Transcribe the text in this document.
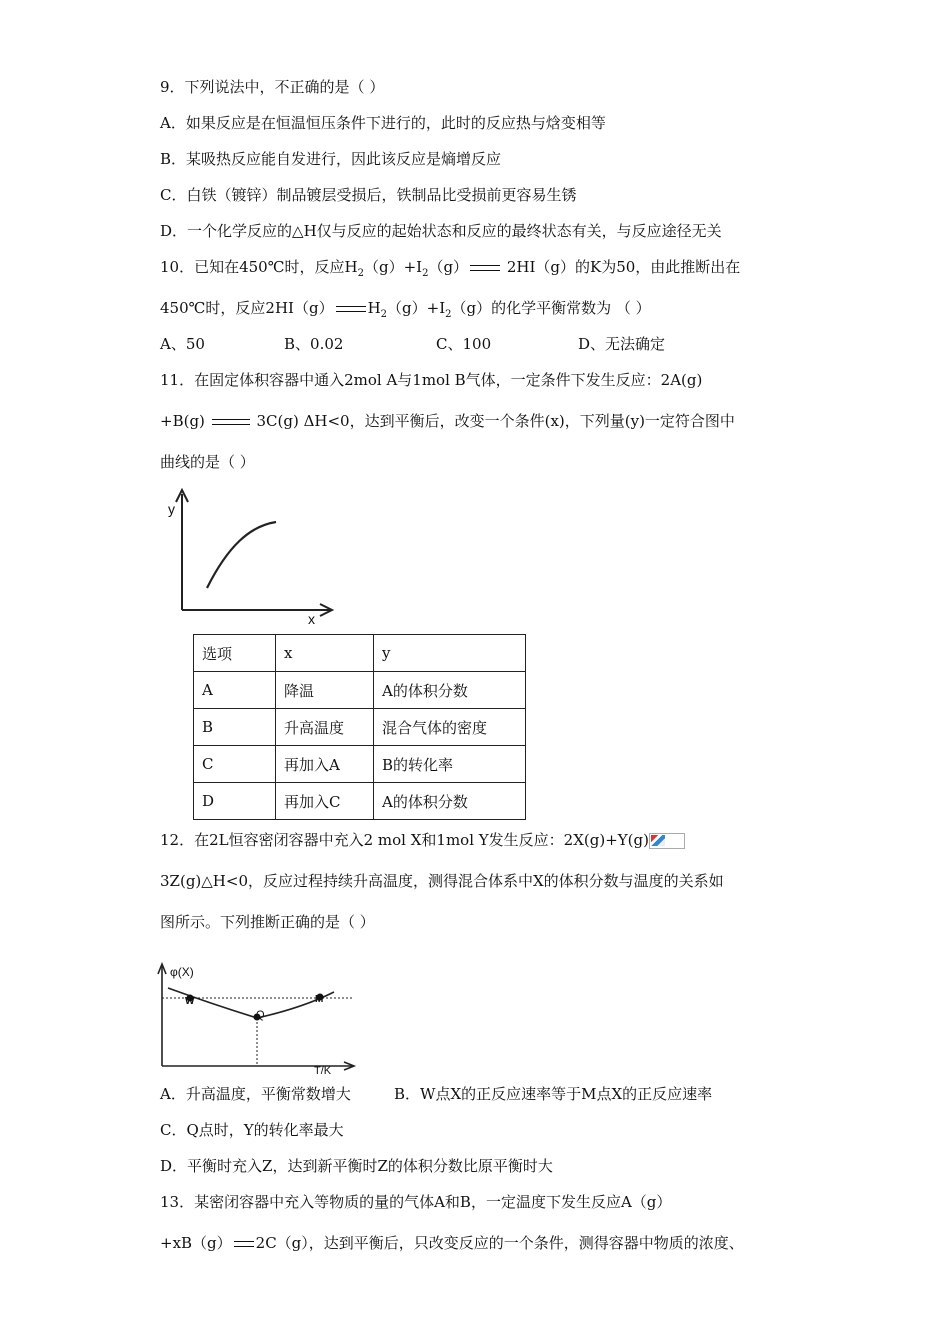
9．下列说法中，不正确的是（ ）
A．如果反应是在恒温恒压条件下进行的，此时的反应热与焓变相等
B．某吸热反应能自发进行，因此该反应是熵增反应
C．白铁（镀锌）制品镀层受损后，铁制品比受损前更容易生锈
D．一个化学反应的△H仅与反应的起始状态和反应的最终状态有关，与反应途径无关
10．已知在450℃时，反应$H_2(g)+I_2(g)$ 2HI（g）的K为50，由此推断出在
450℃时，反应2HI（g） $H_2(g)+I_2(g)$的化学平衡常数为 （ ）
A、50	B、0.02	C、100	D、无法确定
11．在固定体积容器中通入2mol A与1mol B气体，一定条件下发生反应：2A(g)
+B(g)	3C(g) ΔH<0，达到平衡后，改变一个条件(x)，下列量(y)一定符合图中
曲线的是（ ）
y
x
选项	x	y
A	降温	A的体积分数
B	升高温度	混合气体的密度
C	再加入A	B的转化率
D	再加入C	A的体积分数
12．在2L恒容密闭容器中充入2 mol X和1mol Y发生反应：2X(g)+Y(g)
3Z(g)△H<0，反应过程持续升高温度，测得混合体系中X的体积分数与温度的关系如
图所示。下列推断正确的是（ ）
φ(X)
T/K
W
Q
M
A．升高温度，平衡常数增大	B．W点X的正反应速率等于M点X的正反应速率
C．Q点时，Y的转化率最大
D．平衡时充入Z，达到新平衡时Z的体积分数比原平衡时大
13．某密闭容器中充入等物质的量的气体A和B，一定温度下发生反应A（g）
+xB（g） 2C（g），达到平衡后，只改变反应的一个条件，测得容器中物质的浓度、
